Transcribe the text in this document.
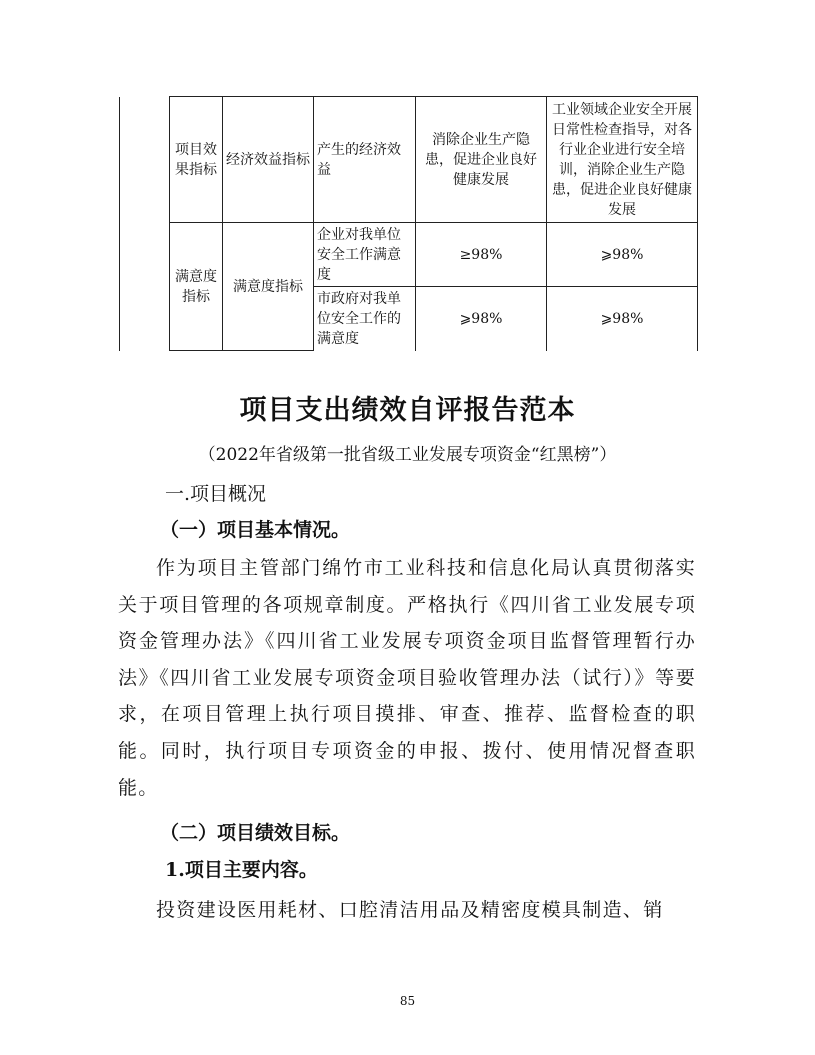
	项目效果指标	经济效益指标	产生的经济效益	消除企业生产隐患，促进企业良好健康发展	工业领域企业安全开展日常性检查指导，对各行业企业进行安全培训，消除企业生产隐患，促进企业良好健康发展
	满意度指标	满意度指标	企业对我单位安全工作满意度	≥98%	⩾98%
			市政府对我单位安全工作的满意度	⩾98%	⩾98%
项目支出绩效自评报告范本
（2022年省级第一批省级工业发展专项资金“红黑榜”）
一.项目概况
（一）项目基本情况。
作为项目主管部门绵竹市工业科技和信息化局认真贯彻落实关于项目管理的各项规章制度。严格执行《四川省工业发展专项资金管理办法》《四川省工业发展专项资金项目监督管理暂行办法》《四川省工业发展专项资金项目验收管理办法（试行）》等要求，在项目管理上执行项目摸排、审查、推荐、监督检查的职能。同时，执行项目专项资金的申报、拨付、使用情况督查职能。
（二）项目绩效目标。
1.项目主要内容。
投资建设医用耗材、口腔清洁用品及精密度模具制造、销
85
